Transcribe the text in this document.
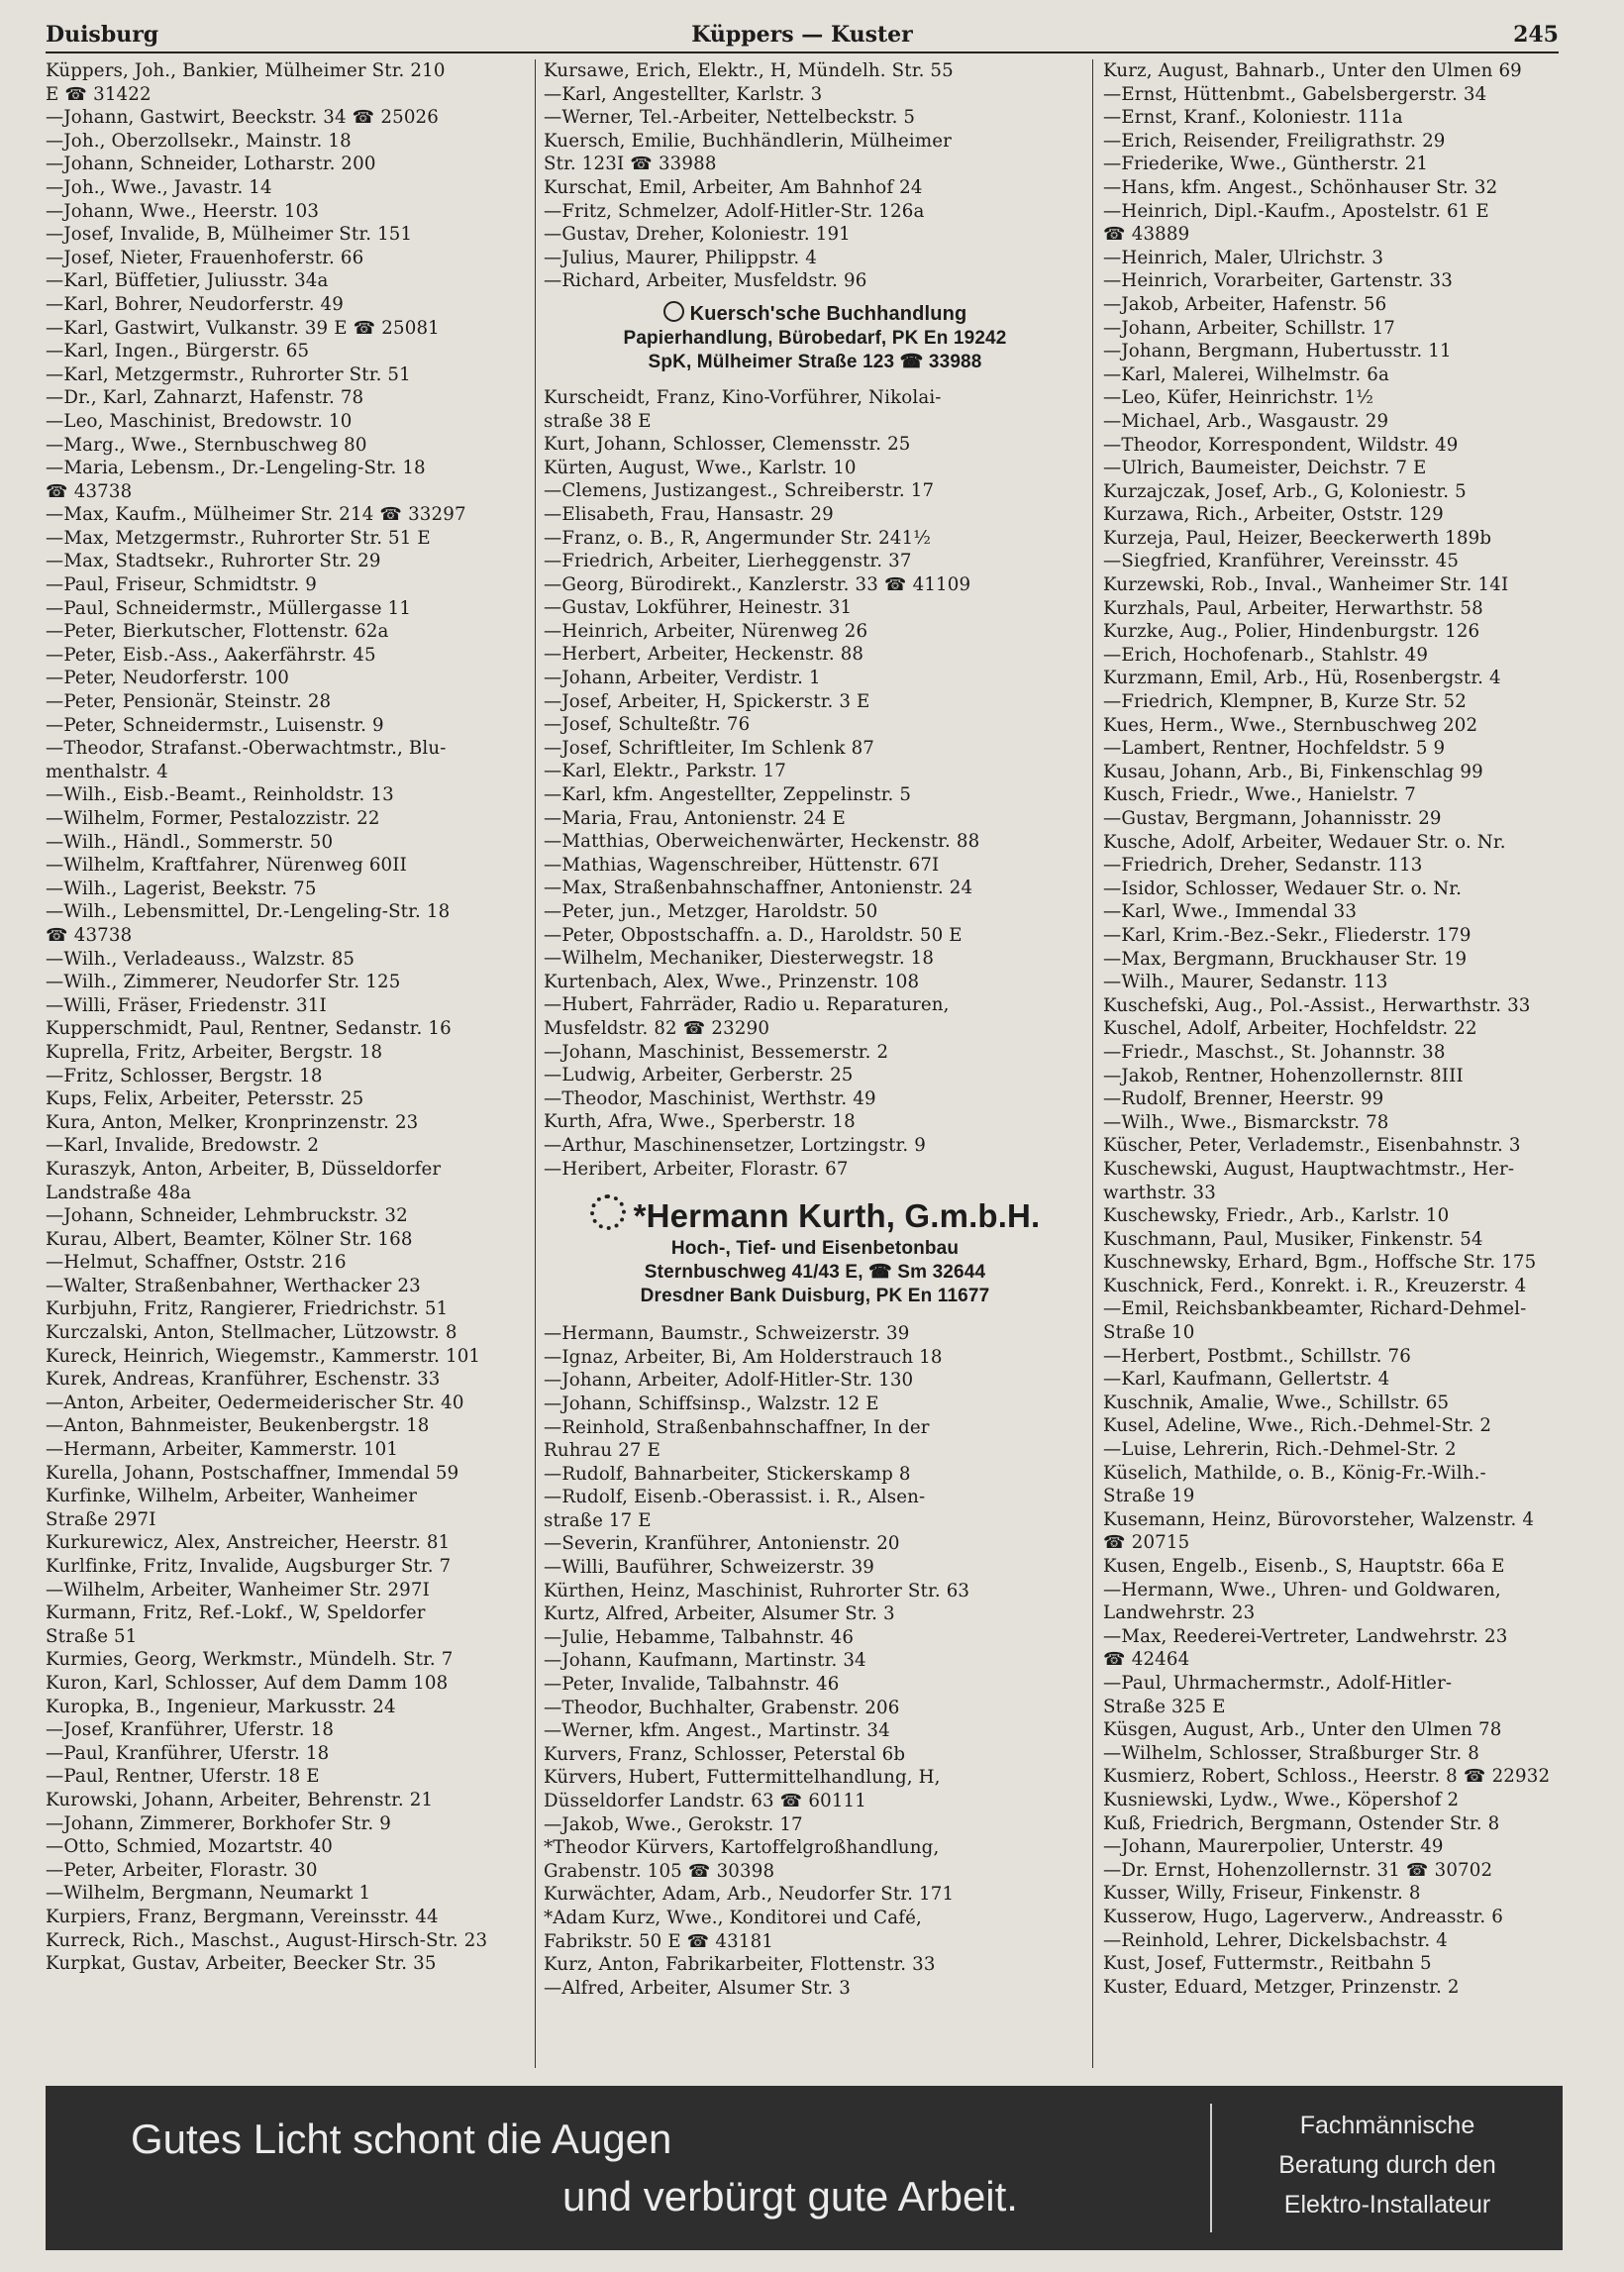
Duisburg	Küppers — Kuster	245
Küppers, Joh., Bankier, Mülheimer Str. 210
E ☎ 31422
—Johann, Gastwirt, Beeckstr. 34 ☎ 25026
—Joh., Oberzollsekr., Mainstr. 18
—Johann, Schneider, Lotharstr. 200
—Joh., Wwe., Javastr. 14
—Johann, Wwe., Heerstr. 103
—Josef, Invalide, B, Mülheimer Str. 151
—Josef, Nieter, Frauenhoferstr. 66
—Karl, Büffetier, Juliusstr. 34a
—Karl, Bohrer, Neudorferstr. 49
—Karl, Gastwirt, Vulkanstr. 39 E ☎ 25081
—Karl, Ingen., Bürgerstr. 65
—Karl, Metzgermstr., Ruhrorter Str. 51
—Dr., Karl, Zahnarzt, Hafenstr. 78
—Leo, Maschinist, Bredowstr. 10
—Marg., Wwe., Sternbuschweg 80
—Maria, Lebensm., Dr.-Lengeling-Str. 18
☎ 43738
—Max, Kaufm., Mülheimer Str. 214 ☎ 33297
—Max, Metzgermstr., Ruhrorter Str. 51 E
—Max, Stadtsekr., Ruhrorter Str. 29
—Paul, Friseur, Schmidtstr. 9
—Paul, Schneidermstr., Müllergasse 11
—Peter, Bierkutscher, Flottenstr. 62a
—Peter, Eisb.-Ass., Aakerfährstr. 45
—Peter, Neudorferstr. 100
—Peter, Pensionär, Steinstr. 28
—Peter, Schneidermstr., Luisenstr. 9
—Theodor, Strafanst.-Oberwachtmstr., Blu-
menthalstr. 4
—Wilh., Eisb.-Beamt., Reinholdstr. 13
—Wilhelm, Former, Pestalozzistr. 22
—Wilh., Händl., Sommerstr. 50
—Wilhelm, Kraftfahrer, Nürenweg 60II
—Wilh., Lagerist, Beekstr. 75
—Wilh., Lebensmittel, Dr.-Lengeling-Str. 18
☎ 43738
—Wilh., Verladeauss., Walzstr. 85
—Wilh., Zimmerer, Neudorfer Str. 125
—Willi, Fräser, Friedenstr. 31I
Kupperschmidt, Paul, Rentner, Sedanstr. 16
Kuprella, Fritz, Arbeiter, Bergstr. 18
—Fritz, Schlosser, Bergstr. 18
Kups, Felix, Arbeiter, Petersstr. 25
Kura, Anton, Melker, Kronprinzenstr. 23
—Karl, Invalide, Bredowstr. 2
Kuraszyk, Anton, Arbeiter, B, Düsseldorfer
Landstraße 48a
—Johann, Schneider, Lehmbruckstr. 32
Kurau, Albert, Beamter, Kölner Str. 168
—Helmut, Schaffner, Oststr. 216
—Walter, Straßenbahner, Werthacker 23
Kurbjuhn, Fritz, Rangierer, Friedrichstr. 51
Kurczalski, Anton, Stellmacher, Lützowstr. 8
Kureck, Heinrich, Wiegemstr., Kammerstr. 101
Kurek, Andreas, Kranführer, Eschenstr. 33
—Anton, Arbeiter, Oedermeiderischer Str. 40
—Anton, Bahnmeister, Beukenbergstr. 18
—Hermann, Arbeiter, Kammerstr. 101
Kurella, Johann, Postschaffner, Immendal 59
Kurfinke, Wilhelm, Arbeiter, Wanheimer
Straße 297I
Kurkurewicz, Alex, Anstreicher, Heerstr. 81
Kurlfinke, Fritz, Invalide, Augsburger Str. 7
—Wilhelm, Arbeiter, Wanheimer Str. 297I
Kurmann, Fritz, Ref.-Lokf., W, Speldorfer
Straße 51
Kurmies, Georg, Werkmstr., Mündelh. Str. 7
Kuron, Karl, Schlosser, Auf dem Damm 108
Kuropka, B., Ingenieur, Markusstr. 24
—Josef, Kranführer, Uferstr. 18
—Paul, Kranführer, Uferstr. 18
—Paul, Rentner, Uferstr. 18 E
Kurowski, Johann, Arbeiter, Behrenstr. 21
—Johann, Zimmerer, Borkhofer Str. 9
—Otto, Schmied, Mozartstr. 40
—Peter, Arbeiter, Florastr. 30
—Wilhelm, Bergmann, Neumarkt 1
Kurpiers, Franz, Bergmann, Vereinsstr. 44
Kurreck, Rich., Maschst., August-Hirsch-Str. 23
Kurpkat, Gustav, Arbeiter, Beecker Str. 35
Kursawe, Erich, Elektr., H, Mündelh. Str. 55
—Karl, Angestellter, Karlstr. 3
—Werner, Tel.-Arbeiter, Nettelbeckstr. 5
Kuersch, Emilie, Buchhändlerin, Mülheimer
Str. 123I ☎ 33988
Kurschat, Emil, Arbeiter, Am Bahnhof 24
—Fritz, Schmelzer, Adolf-Hitler-Str. 126a
—Gustav, Dreher, Koloniestr. 191
—Julius, Maurer, Philippstr. 4
—Richard, Arbeiter, Musfeldstr. 96
Kuersch'sche Buchhandlung
Papierhandlung, Bürobedarf, PK En 19242
SpK, Mülheimer Straße 123 ☎ 33988
Kurscheidt, Franz, Kino-Vorführer, Nikolai-
straße 38 E
Kurt, Johann, Schlosser, Clemensstr. 25
Kürten, August, Wwe., Karlstr. 10
—Clemens, Justizangest., Schreiberstr. 17
—Elisabeth, Frau, Hansastr. 29
—Franz, o. B., R, Angermunder Str. 241½
—Friedrich, Arbeiter, Lierheggenstr. 37
—Georg, Bürodirekt., Kanzlerstr. 33 ☎ 41109
—Gustav, Lokführer, Heinestr. 31
—Heinrich, Arbeiter, Nürenweg 26
—Herbert, Arbeiter, Heckenstr. 88
—Johann, Arbeiter, Verdistr. 1
—Josef, Arbeiter, H, Spickerstr. 3 E
—Josef, Schulteßtr. 76
—Josef, Schriftleiter, Im Schlenk 87
—Karl, Elektr., Parkstr. 17
—Karl, kfm. Angestellter, Zeppelinstr. 5
—Maria, Frau, Antonienstr. 24 E
—Matthias, Oberweichenwärter, Heckenstr. 88
—Mathias, Wagenschreiber, Hüttenstr. 67I
—Max, Straßenbahnschaffner, Antonienstr. 24
—Peter, jun., Metzger, Haroldstr. 50
—Peter, Obpostschaffn. a. D., Haroldstr. 50 E
—Wilhelm, Mechaniker, Diesterwegstr. 18
Kurtenbach, Alex, Wwe., Prinzenstr. 108
—Hubert, Fahrräder, Radio u. Reparaturen,
Musfeldstr. 82 ☎ 23290
—Johann, Maschinist, Bessemerstr. 2
—Ludwig, Arbeiter, Gerberstr. 25
—Theodor, Maschinist, Werthstr. 49
Kurth, Afra, Wwe., Sperberstr. 18
—Arthur, Maschinensetzer, Lortzingstr. 9
—Heribert, Arbeiter, Florastr. 67
*Hermann Kurth, G.m.b.H.
Hoch-, Tief- und Eisenbetonbau
Sternbuschweg 41/43 E, ☎ Sm 32644
Dresdner Bank Duisburg, PK En 11677
—Hermann, Baumstr., Schweizerstr. 39
—Ignaz, Arbeiter, Bi, Am Holderstrauch 18
—Johann, Arbeiter, Adolf-Hitler-Str. 130
—Johann, Schiffsinsp., Walzstr. 12 E
—Reinhold, Straßenbahnschaffner, In der
Ruhrau 27 E
—Rudolf, Bahnarbeiter, Stickerskamp 8
—Rudolf, Eisenb.-Oberassist. i. R., Alsen-
straße 17 E
—Severin, Kranführer, Antonienstr. 20
—Willi, Bauführer, Schweizerstr. 39
Kürthen, Heinz, Maschinist, Ruhrorter Str. 63
Kurtz, Alfred, Arbeiter, Alsumer Str. 3
—Julie, Hebamme, Talbahnstr. 46
—Johann, Kaufmann, Martinstr. 34
—Peter, Invalide, Talbahnstr. 46
—Theodor, Buchhalter, Grabenstr. 206
—Werner, kfm. Angest., Martinstr. 34
Kurvers, Franz, Schlosser, Peterstal 6b
Kürvers, Hubert, Futtermittelhandlung, H,
Düsseldorfer Landstr. 63 ☎ 60111
—Jakob, Wwe., Gerokstr. 17
*Theodor Kürvers, Kartoffelgroßhandlung,
Grabenstr. 105 ☎ 30398
Kurwächter, Adam, Arb., Neudorfer Str. 171
*Adam Kurz, Wwe., Konditorei und Café,
Fabrikstr. 50 E ☎ 43181
Kurz, Anton, Fabrikarbeiter, Flottenstr. 33
—Alfred, Arbeiter, Alsumer Str. 3
Kurz, August, Bahnarb., Unter den Ulmen 69
—Ernst, Hüttenbmt., Gabelsbergerstr. 34
—Ernst, Kranf., Koloniestr. 111a
—Erich, Reisender, Freiligrathstr. 29
—Friederike, Wwe., Güntherstr. 21
—Hans, kfm. Angest., Schönhauser Str. 32
—Heinrich, Dipl.-Kaufm., Apostelstr. 61 E
☎ 43889
—Heinrich, Maler, Ulrichstr. 3
—Heinrich, Vorarbeiter, Gartenstr. 33
—Jakob, Arbeiter, Hafenstr. 56
—Johann, Arbeiter, Schillstr. 17
—Johann, Bergmann, Hubertusstr. 11
—Karl, Malerei, Wilhelmstr. 6a
—Leo, Küfer, Heinrichstr. 1½
—Michael, Arb., Wasgaustr. 29
—Theodor, Korrespondent, Wildstr. 49
—Ulrich, Baumeister, Deichstr. 7 E
Kurzajczak, Josef, Arb., G, Koloniestr. 5
Kurzawa, Rich., Arbeiter, Oststr. 129
Kurzeja, Paul, Heizer, Beeckerwerth 189b
—Siegfried, Kranführer, Vereinsstr. 45
Kurzewski, Rob., Inval., Wanheimer Str. 14I
Kurzhals, Paul, Arbeiter, Herwarthstr. 58
Kurzke, Aug., Polier, Hindenburgstr. 126
—Erich, Hochofenarb., Stahlstr. 49
Kurzmann, Emil, Arb., Hü, Rosenbergstr. 4
—Friedrich, Klempner, B, Kurze Str. 52
Kues, Herm., Wwe., Sternbuschweg 202
—Lambert, Rentner, Hochfeldstr. 5 9
Kusau, Johann, Arb., Bi, Finkenschlag 99
Kusch, Friedr., Wwe., Hanielstr. 7
—Gustav, Bergmann, Johannisstr. 29
Kusche, Adolf, Arbeiter, Wedauer Str. o. Nr.
—Friedrich, Dreher, Sedanstr. 113
—Isidor, Schlosser, Wedauer Str. o. Nr.
—Karl, Wwe., Immendal 33
—Karl, Krim.-Bez.-Sekr., Fliederstr. 179
—Max, Bergmann, Bruckhauser Str. 19
—Wilh., Maurer, Sedanstr. 113
Kuschefski, Aug., Pol.-Assist., Herwarthstr. 33
Kuschel, Adolf, Arbeiter, Hochfeldstr. 22
—Friedr., Maschst., St. Johannstr. 38
—Jakob, Rentner, Hohenzollernstr. 8III
—Rudolf, Brenner, Heerstr. 99
—Wilh., Wwe., Bismarckstr. 78
Küscher, Peter, Verlademstr., Eisenbahnstr. 3
Kuschewski, August, Hauptwachtmstr., Her-
warthstr. 33
Kuschewsky, Friedr., Arb., Karlstr. 10
Kuschmann, Paul, Musiker, Finkenstr. 54
Kuschnewsky, Erhard, Bgm., Hoffsche Str. 175
Kuschnick, Ferd., Konrekt. i. R., Kreuzerstr. 4
—Emil, Reichsbankbeamter, Richard-Dehmel-
Straße 10
—Herbert, Postbmt., Schillstr. 76
—Karl, Kaufmann, Gellertstr. 4
Kuschnik, Amalie, Wwe., Schillstr. 65
Kusel, Adeline, Wwe., Rich.-Dehmel-Str. 2
—Luise, Lehrerin, Rich.-Dehmel-Str. 2
Küselich, Mathilde, o. B., König-Fr.-Wilh.-
Straße 19
Kusemann, Heinz, Bürovorsteher, Walzenstr. 4
☎ 20715
Kusen, Engelb., Eisenb., S, Hauptstr. 66a E
—Hermann, Wwe., Uhren- und Goldwaren,
Landwehrstr. 23
—Max, Reederei-Vertreter, Landwehrstr. 23
☎ 42464
—Paul, Uhrmachermstr., Adolf-Hitler-
Straße 325 E
Küsgen, August, Arb., Unter den Ulmen 78
—Wilhelm, Schlosser, Straßburger Str. 8
Kusmierz, Robert, Schloss., Heerstr. 8 ☎ 22932
Kusniewski, Lydw., Wwe., Köpershof 2
Kuß, Friedrich, Bergmann, Ostender Str. 8
—Johann, Maurerpolier, Unterstr. 49
—Dr. Ernst, Hohenzollernstr. 31 ☎ 30702
Kusser, Willy, Friseur, Finkenstr. 8
Kusserow, Hugo, Lagerverw., Andreasstr. 6
—Reinhold, Lehrer, Dickelsbachstr. 4
Kust, Josef, Futtermstr., Reitbahn 5
Kuster, Eduard, Metzger, Prinzenstr. 2
Gutes Licht schont die Augen
und verbürgt gute Arbeit.
Fachmännische
Beratung durch den
Elektro-Installateur
